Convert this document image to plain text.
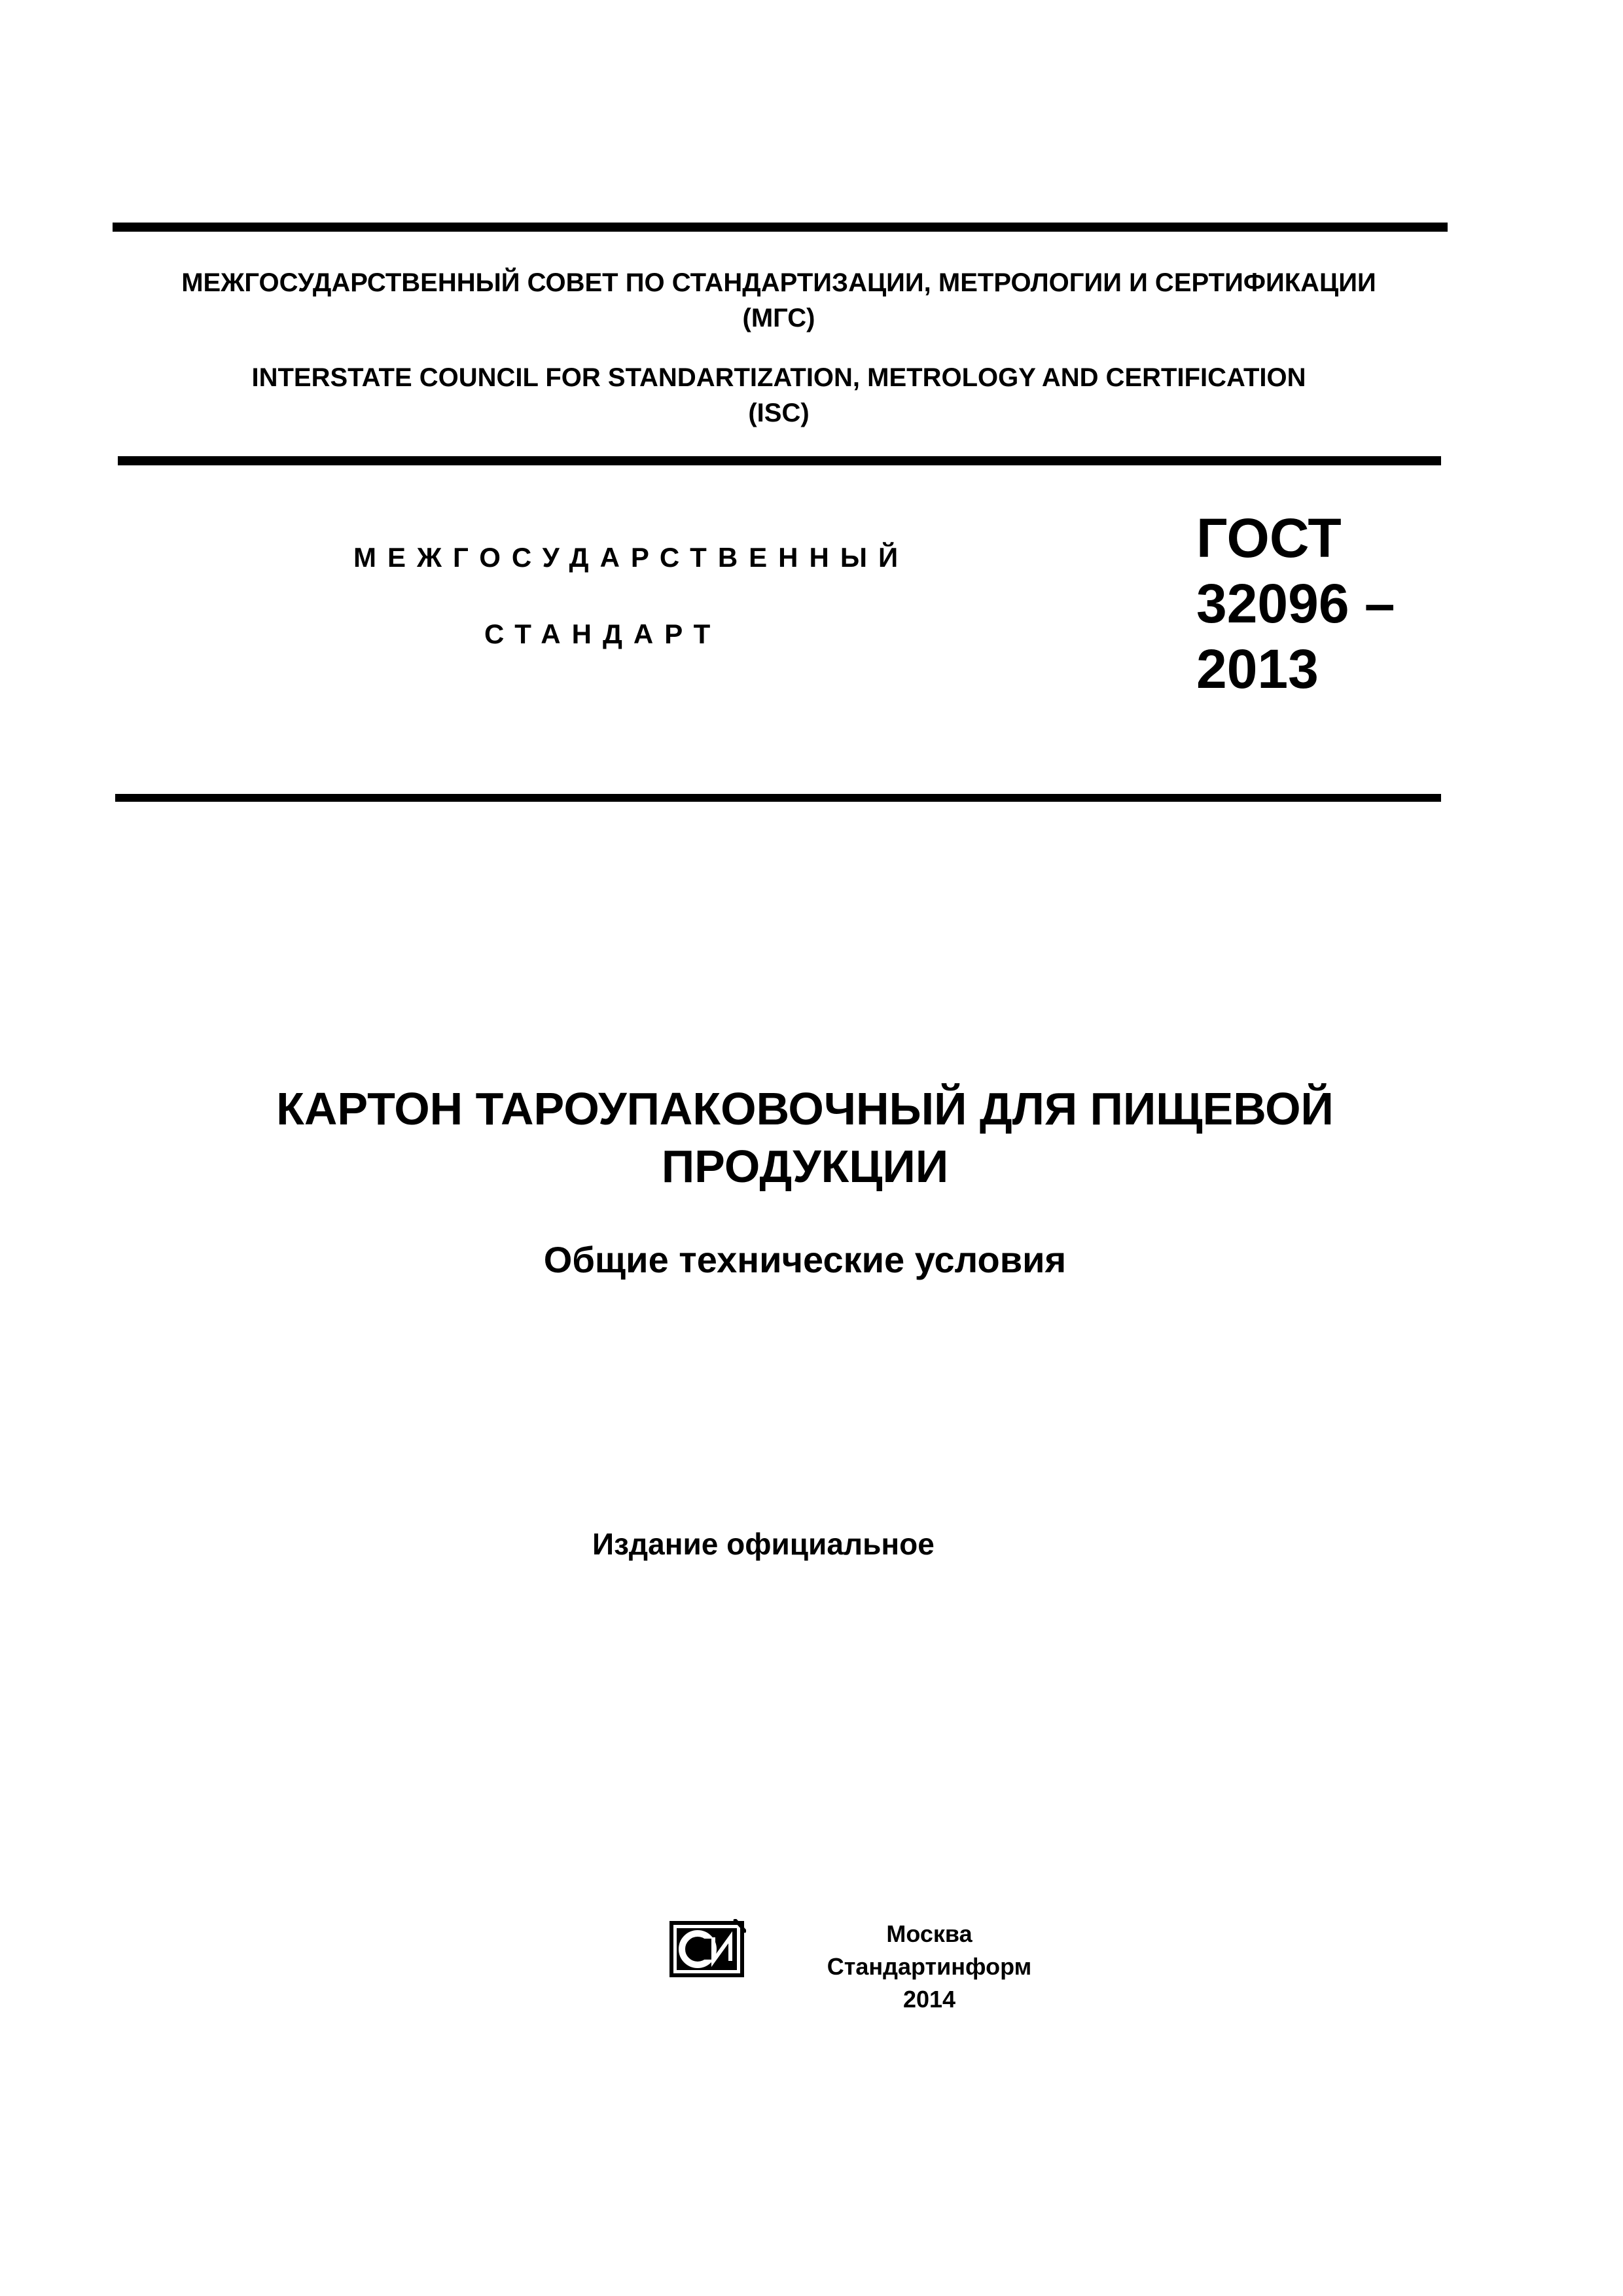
МЕЖГОСУДАРСТВЕННЫЙ СОВЕТ ПО СТАНДАРТИЗАЦИИ, МЕТРОЛОГИИ И СЕРТИФИКАЦИИ
(МГС)
INTERSTATE COUNCIL FOR STANDARTIZATION, METROLOGY AND CERTIFICATION
(ISC)
МЕЖГОСУДАРСТВЕННЫЙ
СТАНДАРТ
ГОСТ
32096 –
2013
КАРТОН ТАРОУПАКОВОЧНЫЙ ДЛЯ ПИЩЕВОЙ
ПРОДУКЦИИ
Общие технические условия
Издание официальное
Москва
Стандартинформ
2014
